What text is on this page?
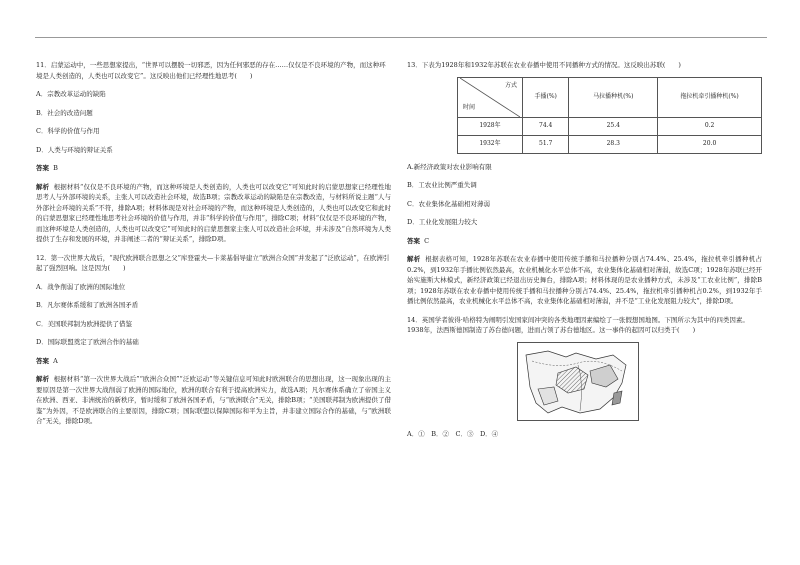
11．启蒙运动中，一些思想家提出，“世界可以摆脱一切邪恶，因为任何邪恶的存在……仅仅是不良环境的产物，而这种环境是人类创造的，人类也可以改变它”。这反映出他们已经理性地思考(　　)

A．宗教改革运动的缺陷

B．社会的改造问题

C．科学的价值与作用

D．人类与环境的辩证关系

答案 B

解析 根据材料“仅仅是不良环境的产物，而这种环境是人类创造的，人类也可以改变它”可知此时的启蒙思想家已经理性地思考人与外部环境的关系，主张人可以改造社会环境，故选B项；宗教改革运动的缺陷是在宗教改造，与材料所说主题“人与外部社会环境的关系”不符，排除A项；材料体现是对社会环境的产物，而这种环境是人类创造的，人类也可以改变它和此时的启蒙思想家已经理性地思考社会环境的价值与作用，并非“科学的价值与作用”，排除C项；材料“仅仅是不良环境的产物，而这种环境是人类创造的，人类也可以改变它”可知此时的启蒙思想家主张人可以改造社会环境，并未涉及“自然环境为人类提供了生存和发展的环境，并非阐述二者的“辩证关系”，排除D项。

12．第一次世界大战后，“现代欧洲联合思想之父”库登霍夫—卡莱基倡导建立“欧洲合众国”并发起了“泛欧运动”，在欧洲引起了强烈回响。这是因为(　　)

A．战争削弱了欧洲的国际地位

B．凡尔赛体系缓和了欧洲各国矛盾

C．美国联邦制为欧洲提供了借鉴

D．国际联盟奠定了欧洲合作的基础

答案 A

解析 根据材料“第一次世界大战后”“欧洲合众国”“泛欧运动”等关键信息可知此时欧洲联合的思想出现，这一现象出现的主要原因是第一次世界大战削弱了欧洲的国际地位，欧洲的联合有利于提高欧洲实力，故选A项；凡尔赛体系确立了帝国主义在欧洲、西亚、非洲统治的新秩序，暂时缓和了欧洲各国矛盾，与“欧洲联合”无关，排除B项；“美国联邦制为欧洲提供了借鉴”为外因，不是欧洲联合的主要原因，排除C项；国际联盟以保障国际和平为主旨，并非建立国际合作的基础，与“欧洲联合”无关，排除D项。

13．下表为1928年和1932年苏联在农业春播中使用不同播种方式的情况。这反映出苏联(　　)

方式
时间	手播(%)	马拉播种机(%)	拖拉机牵引播种机(%)
1928年	74.4	25.4	0.2
1932年	51.7	28.3	20.0

A.新经济政策对农业影响有限

B．工农业比例严重失调

C．农业集体化基础相对薄弱

D．工业化发展阻力较大

答案 C

解析 根据表格可知，1928年苏联在农业春播中使用传统手播和马拉播种分别占74.4%、25.4%，拖拉机牵引播种机占0.2%，到1932年手播比例依然最高，农业机械化水平总体不高，农业集体化基础相对薄弱，故选C项；1928年苏联已经开始实施斯大林模式，新经济政策已经退出历史舞台，排除A项；材料体现的是农业播种方式，未涉及“工农业比例”，排除B项；1928年苏联在农业春播中使用传统手播和马拉播种分别占74.4%、25.4%，拖拉机牵引播种机占0.2%，到1932年手播比例依然最高，农业机械化水平总体不高，农业集体化基础相对薄弱，并不是“工业化发展阻力较大”，排除D项。

14．英国学者彼得·哈格特为阐明引发国家间冲突的各类地理因素编绘了一张假想国地图。下图所示为其中的四类因素。1938年，法西斯德国制造了苏台德问题，进而占领了苏台德地区。这一事件的起因可以归类于(　　)

A．①　B．②　C．③　D．④
